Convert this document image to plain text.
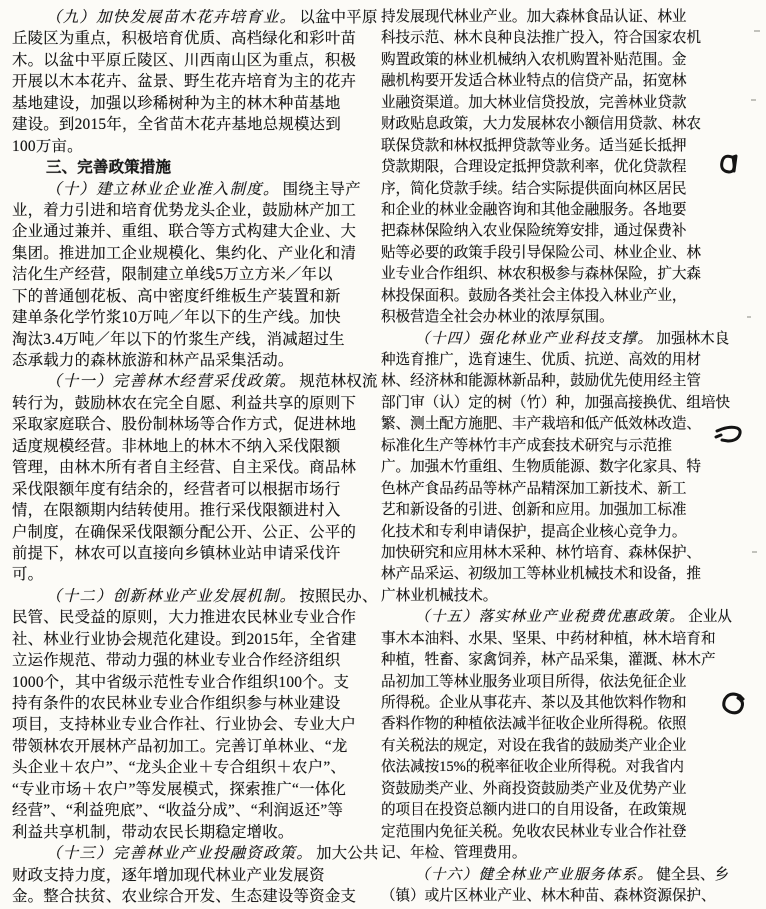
（九）加快发展苗木花卉培育业。 以盆中平原
丘陵区为重点，积极培育优质、高档绿化和彩叶苗
木。以盆中平原丘陵区、川西南山区为重点，积极
开展以木本花卉、盆景、野生花卉培育为主的花卉
基地建设，加强以珍稀树种为主的林木种苗基地
建设。到2015年，全省苗木花卉基地总规模达到
100万亩。
三、完善政策措施
（十）建立林业企业准入制度。 围绕主导产
业，着力引进和培育优势龙头企业，鼓励林产加工
企业通过兼并、重组、联合等方式构建大企业、大
集团。推进加工企业规模化、集约化、产业化和清
洁化生产经营，限制建立单线5万立方米／年以
下的普通刨花板、高中密度纤维板生产装置和新
建单条化学竹浆10万吨／年以下的生产线。加快
淘汰3.4万吨／年以下的竹浆生产线，消减超过生
态承载力的森林旅游和林产品采集活动。
（十一）完善林木经营采伐政策。 规范林权流
转行为，鼓励林农在完全自愿、利益共享的原则下
采取家庭联合、股份制林场等合作方式，促进林地
适度规模经营。非林地上的林木不纳入采伐限额
管理，由林木所有者自主经营、自主采伐。商品林
采伐限额年度有结余的，经营者可以根据市场行
情，在限额期内结转使用。推行采伐限额进村入
户制度，在确保采伐限额分配公开、公正、公平的
前提下，林农可以直接向乡镇林业站申请采伐许
可。
（十二）创新林业产业发展机制。 按照民办、
民管、民受益的原则，大力推进农民林业专业合作
社、林业行业协会规范化建设。到2015年，全省建
立运作规范、带动力强的林业专业合作经济组织
1000个，其中省级示范性专业合作组织100个。支
持有条件的农民林业专业合作组织参与林业建设
项目，支持林业专业合作社、行业协会、专业大户
带领林农开展林产品初加工。完善订单林业、“龙
头企业＋农户”、“龙头企业＋专合组织＋农户”、
“专业市场＋农户”等发展模式，探索推广“一体化
经营”、“利益兜底”、“收益分成”、“利润返还”等
利益共享机制，带动农民长期稳定增收。
（十三）完善林业产业投融资政策。 加大公共
财政支持力度，逐年增加现代林业产业发展资
金。整合扶贫、农业综合开发、生态建设等资金支
持发展现代林业产业。加大森林食品认证、林业
科技示范、林木良种良法推广投入，符合国家农机
购置政策的林业机械纳入农机购置补贴范围。金
融机构要开发适合林业特点的信贷产品，拓宽林
业融资渠道。加大林业信贷投放，完善林业贷款
财政贴息政策，大力发展林农小额信用贷款、林农
联保贷款和林权抵押贷款等业务。适当延长抵押
贷款期限，合理设定抵押贷款利率，优化贷款程
序，简化贷款手续。结合实际提供面向林区居民
和企业的林业金融咨询和其他金融服务。各地要
把森林保险纳入农业保险统筹安排，通过保费补
贴等必要的政策手段引导保险公司、林业企业、林
业专业合作组织、林农积极参与森林保险，扩大森
林投保面积。鼓励各类社会主体投入林业产业，
积极营造全社会办林业的浓厚氛围。
（十四）强化林业产业科技支撑。 加强林木良
种选育推广，选育速生、优质、抗逆、高效的用材
林、经济林和能源林新品种，鼓励优先使用经主管
部门审（认）定的树（竹）种，加强高接换优、组培快
繁、测土配方施肥、丰产栽培和低产低效林改造、
标准化生产等林竹丰产成套技术研究与示范推
广。加强木竹重组、生物质能源、数字化家具、特
色林产食品药品等林产品精深加工新技术、新工
艺和新设备的引进、创新和应用。加强加工标准
化技术和专利申请保护，提高企业核心竞争力。
加快研究和应用林木采种、林竹培育、森林保护、
林产品采运、初级加工等林业机械技术和设备，推
广林业机械技术。
（十五）落实林业产业税费优惠政策。 企业从
事木本油料、水果、坚果、中药材种植，林木培育和
种植，牲畜、家禽饲养，林产品采集，灌溉、林木产
品初加工等林业服务业项目所得，依法免征企业
所得税。企业从事花卉、茶以及其他饮料作物和
香料作物的种植依法减半征收企业所得税。依照
有关税法的规定，对设在我省的鼓励类产业企业
依法减按15%的税率征收企业所得税。对我省内
资鼓励类产业、外商投资鼓励类产业及优势产业
的项目在投资总额内进口的自用设备，在政策规
定范围内免征关税。免收农民林业专业合作社登
记、年检、管理费用。
（十六）健全林业产业服务体系。 健全县、乡
（镇）或片区林业产业、林木种苗、森林资源保护、
